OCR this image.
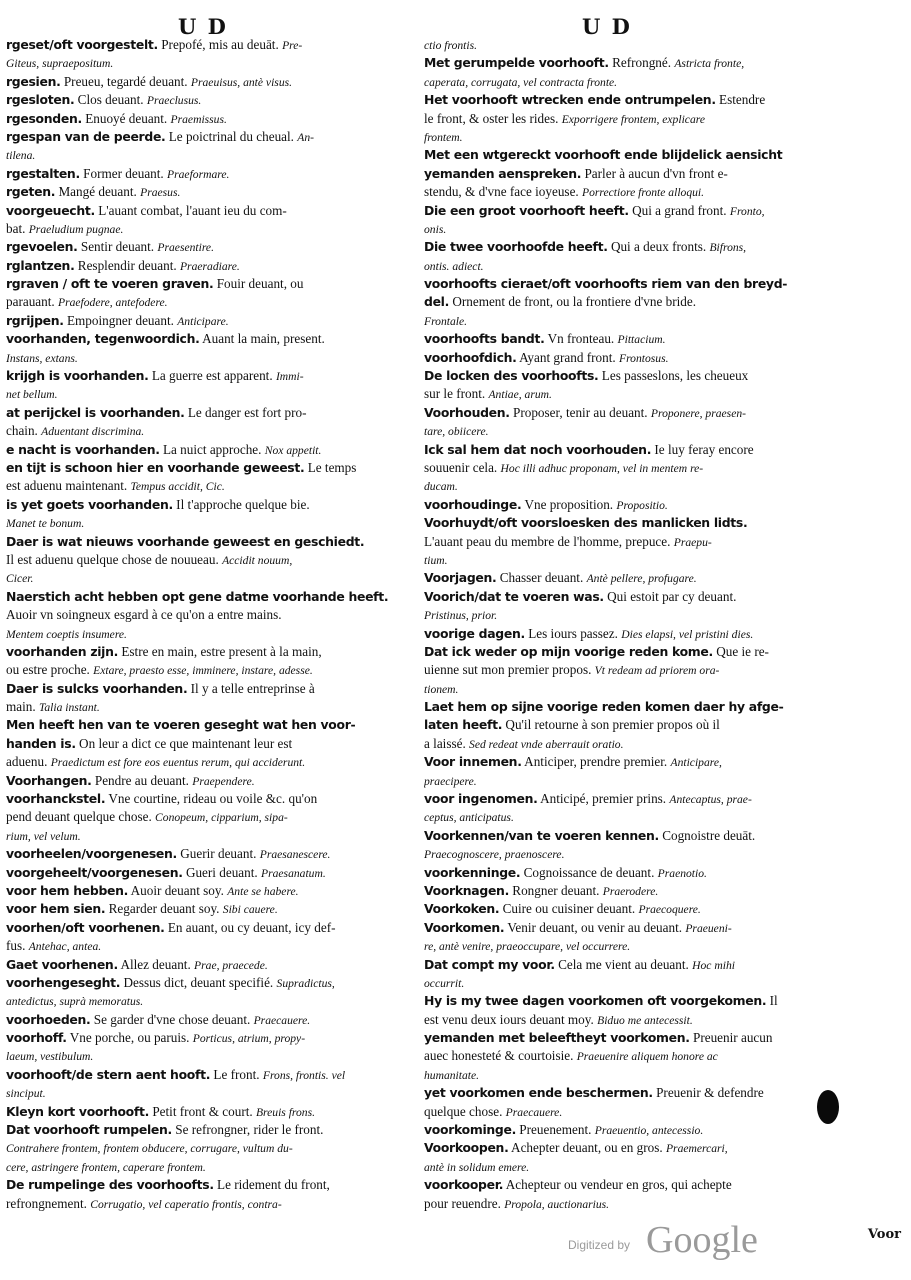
U D	U D
rgeset/oft voorgestelt. Prepofé, mis au deuāt. Pre-
Giteus, supraepositum.
rgesien. Preueu, tegardé deuant. Praeuisus, antè visus.
rgesloten. Clos deuant. Praeclusus.
rgesonden. Enuoyé deuant. Praemissus.
rgespan van de peerde. Le poictrinal du cheual. An-
tilena.
rgestalten. Former deuant. Praeformare.
rgeten. Mangé deuant. Praesus.
voorgeuecht. L'auant combat, l'auant ieu du com-
bat. Praeludium pugnae.
rgevoelen. Sentir deuant. Praesentire.
rglantzen. Resplendir deuant. Praeradiare.
rgraven / oft te voeren graven. Fouir deuant, ou
parauant. Praefodere, antefodere.
rgrijpen. Empoingner deuant. Anticipare.
voorhanden, tegenwoordich. Auant la main, present.
Instans, extans.
krijgh is voorhanden. La guerre est apparent. Immi-
net bellum.
at perijckel is voorhanden. Le danger est fort pro-
chain. Aduentant discrimina.
e nacht is voorhanden. La nuict approche. Nox appetit.
en tijt is schoon hier en voorhande geweest. Le temps
est aduenu maintenant. Tempus accidit, Cic.
is yet goets voorhanden. Il t'approche quelque bie.
Manet te bonum.
Daer is wat nieuws voorhande geweest en geschiedt.
Il est aduenu quelque chose de nouueau. Accidit nouum,
Cicer.
Naerstich acht hebben opt gene datme voorhande heeft.
Auoir vn soingneux esgard à ce qu'on a entre mains.
Mentem coeptis insumere.
voorhanden zijn. Estre en main, estre present à la main,
ou estre proche. Extare, praesto esse, imminere, instare, adesse.
Daer is sulcks voorhanden. Il y a telle entreprinse à
main. Talia instant.
Men heeft hen van te voeren geseght wat hen voor-
handen is. On leur a dict ce que maintenant leur est
aduenu. Praedictum est fore eos euentus rerum, qui acciderunt.
Voorhangen. Pendre au deuant. Praependere.
voorhanckstel. Vne courtine, rideau ou voile &c. qu'on
pend deuant quelque chose. Conopeum, cipparium, sipa-
rium, vel velum.
voorheelen/voorgenesen. Guerir deuant. Praesanescere.
voorgeheelt/voorgenesen. Gueri deuant. Praesanatum.
voor hem hebben. Auoir deuant soy. Ante se habere.
voor hem sien. Regarder deuant soy. Sibi cauere.
voorhen/oft voorhenen. En auant, ou cy deuant, icy def-
fus. Antehac, antea.
Gaet voorhenen. Allez deuant. Prae, praecede.
voorhengeseght. Dessus dict, deuant specifié. Supradictus,
antedictus, suprà memoratus.
voorhoeden. Se garder d'vne chose deuant. Praecauere.
voorhoff. Vne porche, ou paruis. Porticus, atrium, propy-
laeum, vestibulum.
voorhooft/de stern aent hooft. Le front. Frons, frontis. vel
sinciput.
Kleyn kort voorhooft. Petit front & court. Breuis frons.
Dat voorhooft rumpelen. Se refrongner, rider le front.
Contrahere frontem, frontem obducere, corrugare, vultum du-
cere, astringere frontem, caperare frontem.
De rumpelinge des voorhoofts. Le ridement du front,
refrongnement. Corrugatio, vel caperatio frontis, contra-
ctio frontis.
Met gerumpelde voorhooft. Refrongné. Astricta fronte,
caperata, corrugata, vel contracta fronte.
Het voorhooft wtrecken ende ontrumpelen. Estendre
le front, & oster les rides. Exporrigere frontem, explicare
frontem.
Met een wtgereckt voorhooft ende blijdelick aensicht
yemanden aenspreken. Parler à aucun d'vn front e-
stendu, & d'vne face ioyeuse. Porrectiore fronte alloqui.
Die een groot voorhooft heeft. Qui a grand front. Fronto,
onis.
Die twee voorhoofde heeft. Qui a deux fronts. Bifrons,
ontis. adiect.
voorhoofts cieraet/oft voorhoofts riem van den breyd-
del. Ornement de front, ou la frontiere d'vne bride.
Frontale.
voorhoofts bandt. Vn fronteau. Pittacium.
voorhoofdich. Ayant grand front. Frontosus.
De locken des voorhoofts. Les passeslons, les cheueux
sur le front. Antiae, arum.
Voorhouden. Proposer, tenir au deuant. Proponere, praesen-
tare, obiicere.
Ick sal hem dat noch voorhouden. Ie luy feray encore
souuenir cela. Hoc illi adhuc proponam, vel in mentem re-
ducam.
voorhoudinge. Vne proposition. Propositio.
Voorhuydt/oft voorsloesken des manlicken lidts.
L'auant peau du membre de l'homme, prepuce. Praepu-
tium.
Voorjagen. Chasser deuant. Antè pellere, profugare.
Voorich/dat te voeren was. Qui estoit par cy deuant.
Pristinus, prior.
voorige dagen. Les iours passez. Dies elapsi, vel pristini dies.
Dat ick weder op mijn voorige reden kome. Que ie re-
uienne sut mon premier propos. Vt redeam ad priorem ora-
tionem.
Laet hem op sijne voorige reden komen daer hy afge-
laten heeft. Qu'il retourne à son premier propos où il
a laissé. Sed redeat vnde aberrauit oratio.
Voor innemen. Anticiper, prendre premier. Anticipare,
praecipere.
voor ingenomen. Anticipé, premier prins. Antecaptus, prae-
ceptus, anticipatus.
Voorkennen/van te voeren kennen. Cognoistre deuāt.
Praecognoscere, praenoscere.
voorkenninge. Cognoissance de deuant. Praenotio.
Voorknagen. Rongner deuant. Praerodere.
Voorkoken. Cuire ou cuisiner deuant. Praecoquere.
Voorkomen. Venir deuant, ou venir au deuant. Praeueni-
re, antè venire, praeoccupare, vel occurrere.
Dat compt my voor. Cela me vient au deuant. Hoc mihi
occurrit.
Hy is my twee dagen voorkomen oft voorgekomen. Il
est venu deux iours deuant moy. Biduo me antecessit.
yemanden met beleeftheyt voorkomen. Preuenir aucun
auec honesteté & courtoisie. Praeuenire aliquem honore ac
humanitate.
yet voorkomen ende beschermen. Preuenir & defendre
quelque chose. Praecauere.
voorkominge. Preuenement. Praeuentio, antecessio.
Voorkoopen. Achepter deuant, ou en gros. Praemercari,
antè in solidum emere.
voorkooper. Achepteur ou vendeur en gros, qui achepte
pour reuendre. Propola, auctionarius.
Digitized by Google	Voor
